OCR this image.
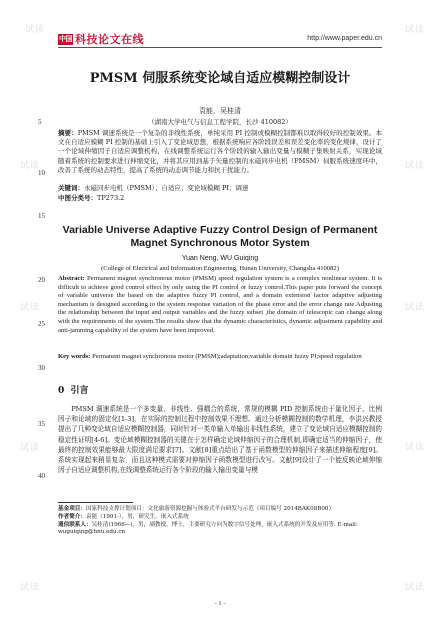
中国 科技论文在线	http://www.paper.edu.cn
试读	试读
试读	试读
试读	试读
试读	试读
试读	试读
5
10
15
20
25
30
35
40
PMSM 伺服系统变论域自适应模糊控制设计
袁能，吴桂清
（湖南大学电气与信息工程学院，长沙 410082）
摘要：PMSM 调速系统是一个复杂的非线性系统，单纯采用 PI 控制或模糊控制都难以取得较好的控制效果。本文在自适应模糊 PI 控制的基础上引入了变论域思想，根据系统响应各阶段误差和误差变化率的变化规律，设计了一个论域伸缩因子自适应调整机构，在线调整系统运行各个阶段的输入输出变量与模糊子集映射关系，实现论域随着系统的控制要求进行伸缩变化，并将其应用到基于矢量控制的永磁同步电机（PMSM）伺服系统速度环中，改善了系统的动态特性，提高了系统的动态调节能力和抗干扰能力。
关键词：永磁同步电机（PMSM）；自适应；变论域模糊 PI；调速
中图分类号：TP273.2
Variable Universe Adaptive Fuzzy Control Design of Permanent Magnet Synchronous Motor System
Yuan Neng, WU Guiqing
(College of Electrical and Information Engineering, Hunan University, Changsha 410082)
Abstract: Permanent magnet synchronous motor (PMSM) speed regulation system is a complex nonlinear system. It is difficult to achieve good control effect by only using the PI control or fuzzy control.This paper puts forward the concept of variable universe the based on the adaptive fuzzy PI control, and a domain extension factor adaptive adjusting mechanism is designed according to the system response variation of the phase error and the error change rate.Adjusting the relationship between the input and output variables and the fuzzy subset ,the domain of telescopic can change along with the requirements of the system.The results show that the dynamic characteristics, dynamic adjustment capability and anti-jamming capability of the system have been improved.
Key words: Permanent magnet synchronous motor (PMSM);adaptation;variable domain fuzzy PI;speed regulation
0 引言
PMSM 调速系统是一个多变量、非线性、强耦合的系统，常规的模糊 PID 控制系统由于量化因子、比例因子和论域的固定化[1-3]，在实际的控制过程中控制效果不理想。通过分析模糊控制的数学机理，李洪兴教授提出了几种变论域自适应模糊控制器，同时针对一类单输入单输出非线性系统，建立了变论域自适应模糊控制的稳定性证明[4-6]。变论域模糊控制器的关键在于怎样确定论域伸缩因子的合理机制,即确定适当的伸缩因子，使最终的控制效果能够最大限度满足要求[7]。文献[8]重点给出了基于函数模型的伸缩因子来描述伸缩程度[9]。系统实现起来稍显复杂，而且这种模式需要对伸缩因子函数模型进行改写。文献[9]设计了一个能反映论域伸缩因子自适应调整机构,在线调整系统运行各个阶段的输入输出变量与模
基金项目：国家科技支撑计划项目：文化旅游资源挖掘与体验式平台研发与示范（项目编号 2014BAK08B00）
作者简介：袁能（1991-），男，研究生，嵌入式系统
通信联系人：吴桂清(1966—)，男，副教授，博士，主要研究方向为数字信号处理，嵌入式系统的开发及应用等. E-mail: wuguiqing@hnu.edu.cn
- 1 -
